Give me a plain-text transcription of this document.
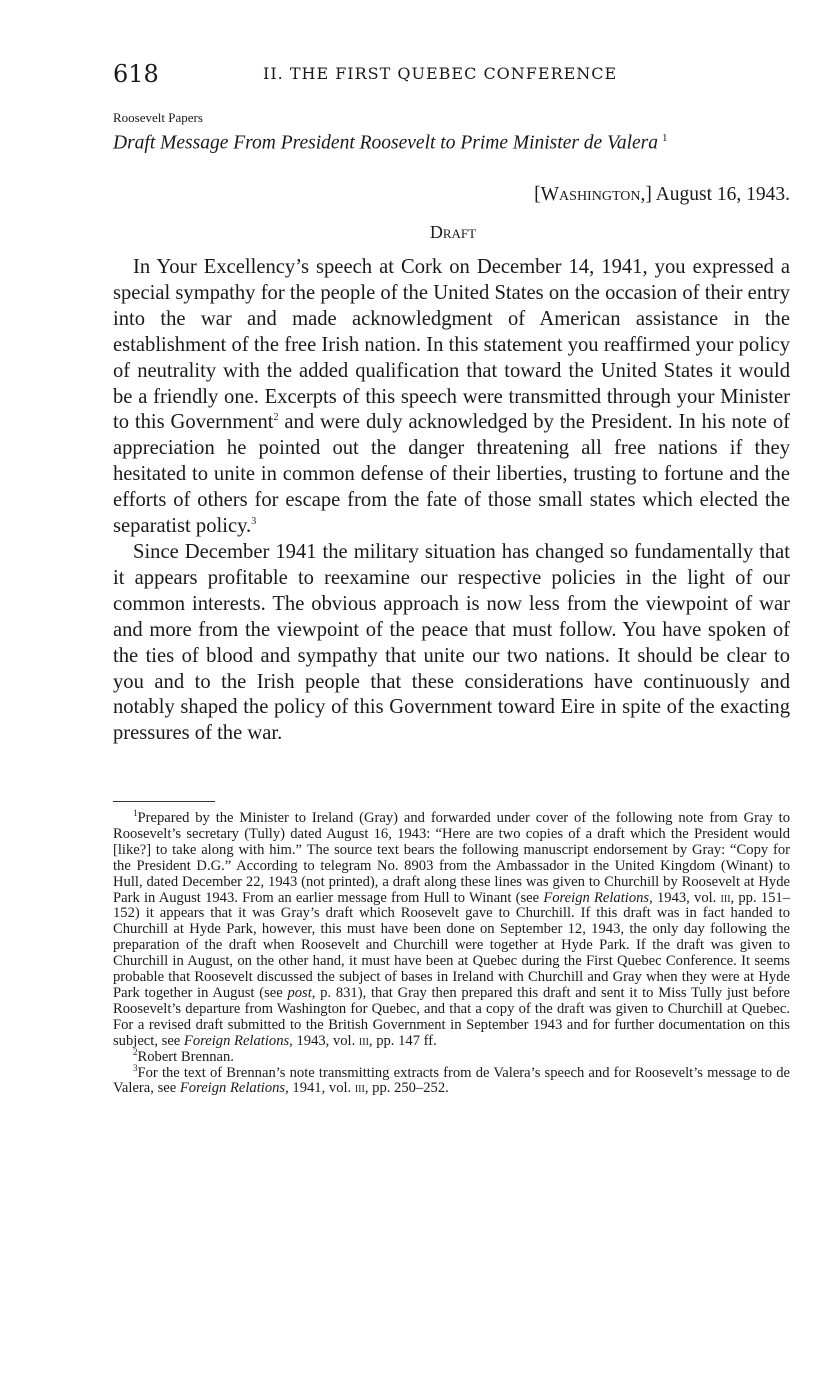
618	II. THE FIRST QUEBEC CONFERENCE
Roosevelt Papers
Draft Message From President Roosevelt to Prime Minister de Valera $^1$
[Washington,] August 16, 1943.
Draft

In Your Excellency’s speech at Cork on December 14, 1941, you expressed a special sympathy for the people of the United States on the occasion of their entry into the war and made acknowledgment of American assistance in the establishment of the free Irish nation. In this statement you reaffirmed your policy of neutrality with the added qualification that toward the United States it would be a friendly one. Excerpts of this speech were transmitted through your Minister to this Government$^2$ and were duly acknowledged by the President. In his note of appreciation he pointed out the danger threatening all free nations if they hesitated to unite in common defense of their liberties, trusting to fortune and the efforts of others for escape from the fate of those small states which elected the separatist policy.$^3$

Since December 1941 the military situation has changed so fundamentally that it appears profitable to reexamine our respective policies in the light of our common interests. The obvious approach is now less from the viewpoint of war and more from the viewpoint of the peace that must follow. You have spoken of the ties of blood and sympathy that unite our two nations. It should be clear to you and to the Irish people that these considerations have continuously and notably shaped the policy of this Government toward Eire in spite of the exacting pressures of the war.

$^1$Prepared by the Minister to Ireland (Gray) and forwarded under cover of the following note from Gray to Roosevelt’s secretary (Tully) dated August 16, 1943: “Here are two copies of a draft which the President would [like?] to take along with him.” The source text bears the following manuscript endorsement by Gray: “Copy for the President D.G.” According to telegram No. 8903 from the Ambassador in the United Kingdom (Winant) to Hull, dated December 22, 1943 (not printed), a draft along these lines was given to Churchill by Roosevelt at Hyde Park in August 1943. From an earlier message from Hull to Winant (see Foreign Relations, 1943, vol. iii, pp. 151–152) it appears that it was Gray’s draft which Roosevelt gave to Churchill. If this draft was in fact handed to Churchill at Hyde Park, however, this must have been done on September 12, 1943, the only day following the preparation of the draft when Roosevelt and Churchill were together at Hyde Park. If the draft was given to Churchill in August, on the other hand, it must have been at Quebec during the First Quebec Conference. It seems probable that Roosevelt discussed the subject of bases in Ireland with Churchill and Gray when they were at Hyde Park together in August (see post, p. 831), that Gray then prepared this draft and sent it to Miss Tully just before Roosevelt’s departure from Washington for Quebec, and that a copy of the draft was given to Churchill at Quebec. For a revised draft submitted to the British Government in September 1943 and for further documentation on this subject, see Foreign Relations, 1943, vol. iii, pp. 147 ff.

$^2$Robert Brennan.

$^3$For the text of Brennan’s note transmitting extracts from de Valera’s speech and for Roosevelt’s message to de Valera, see Foreign Relations, 1941, vol. iii, pp. 250–252.
